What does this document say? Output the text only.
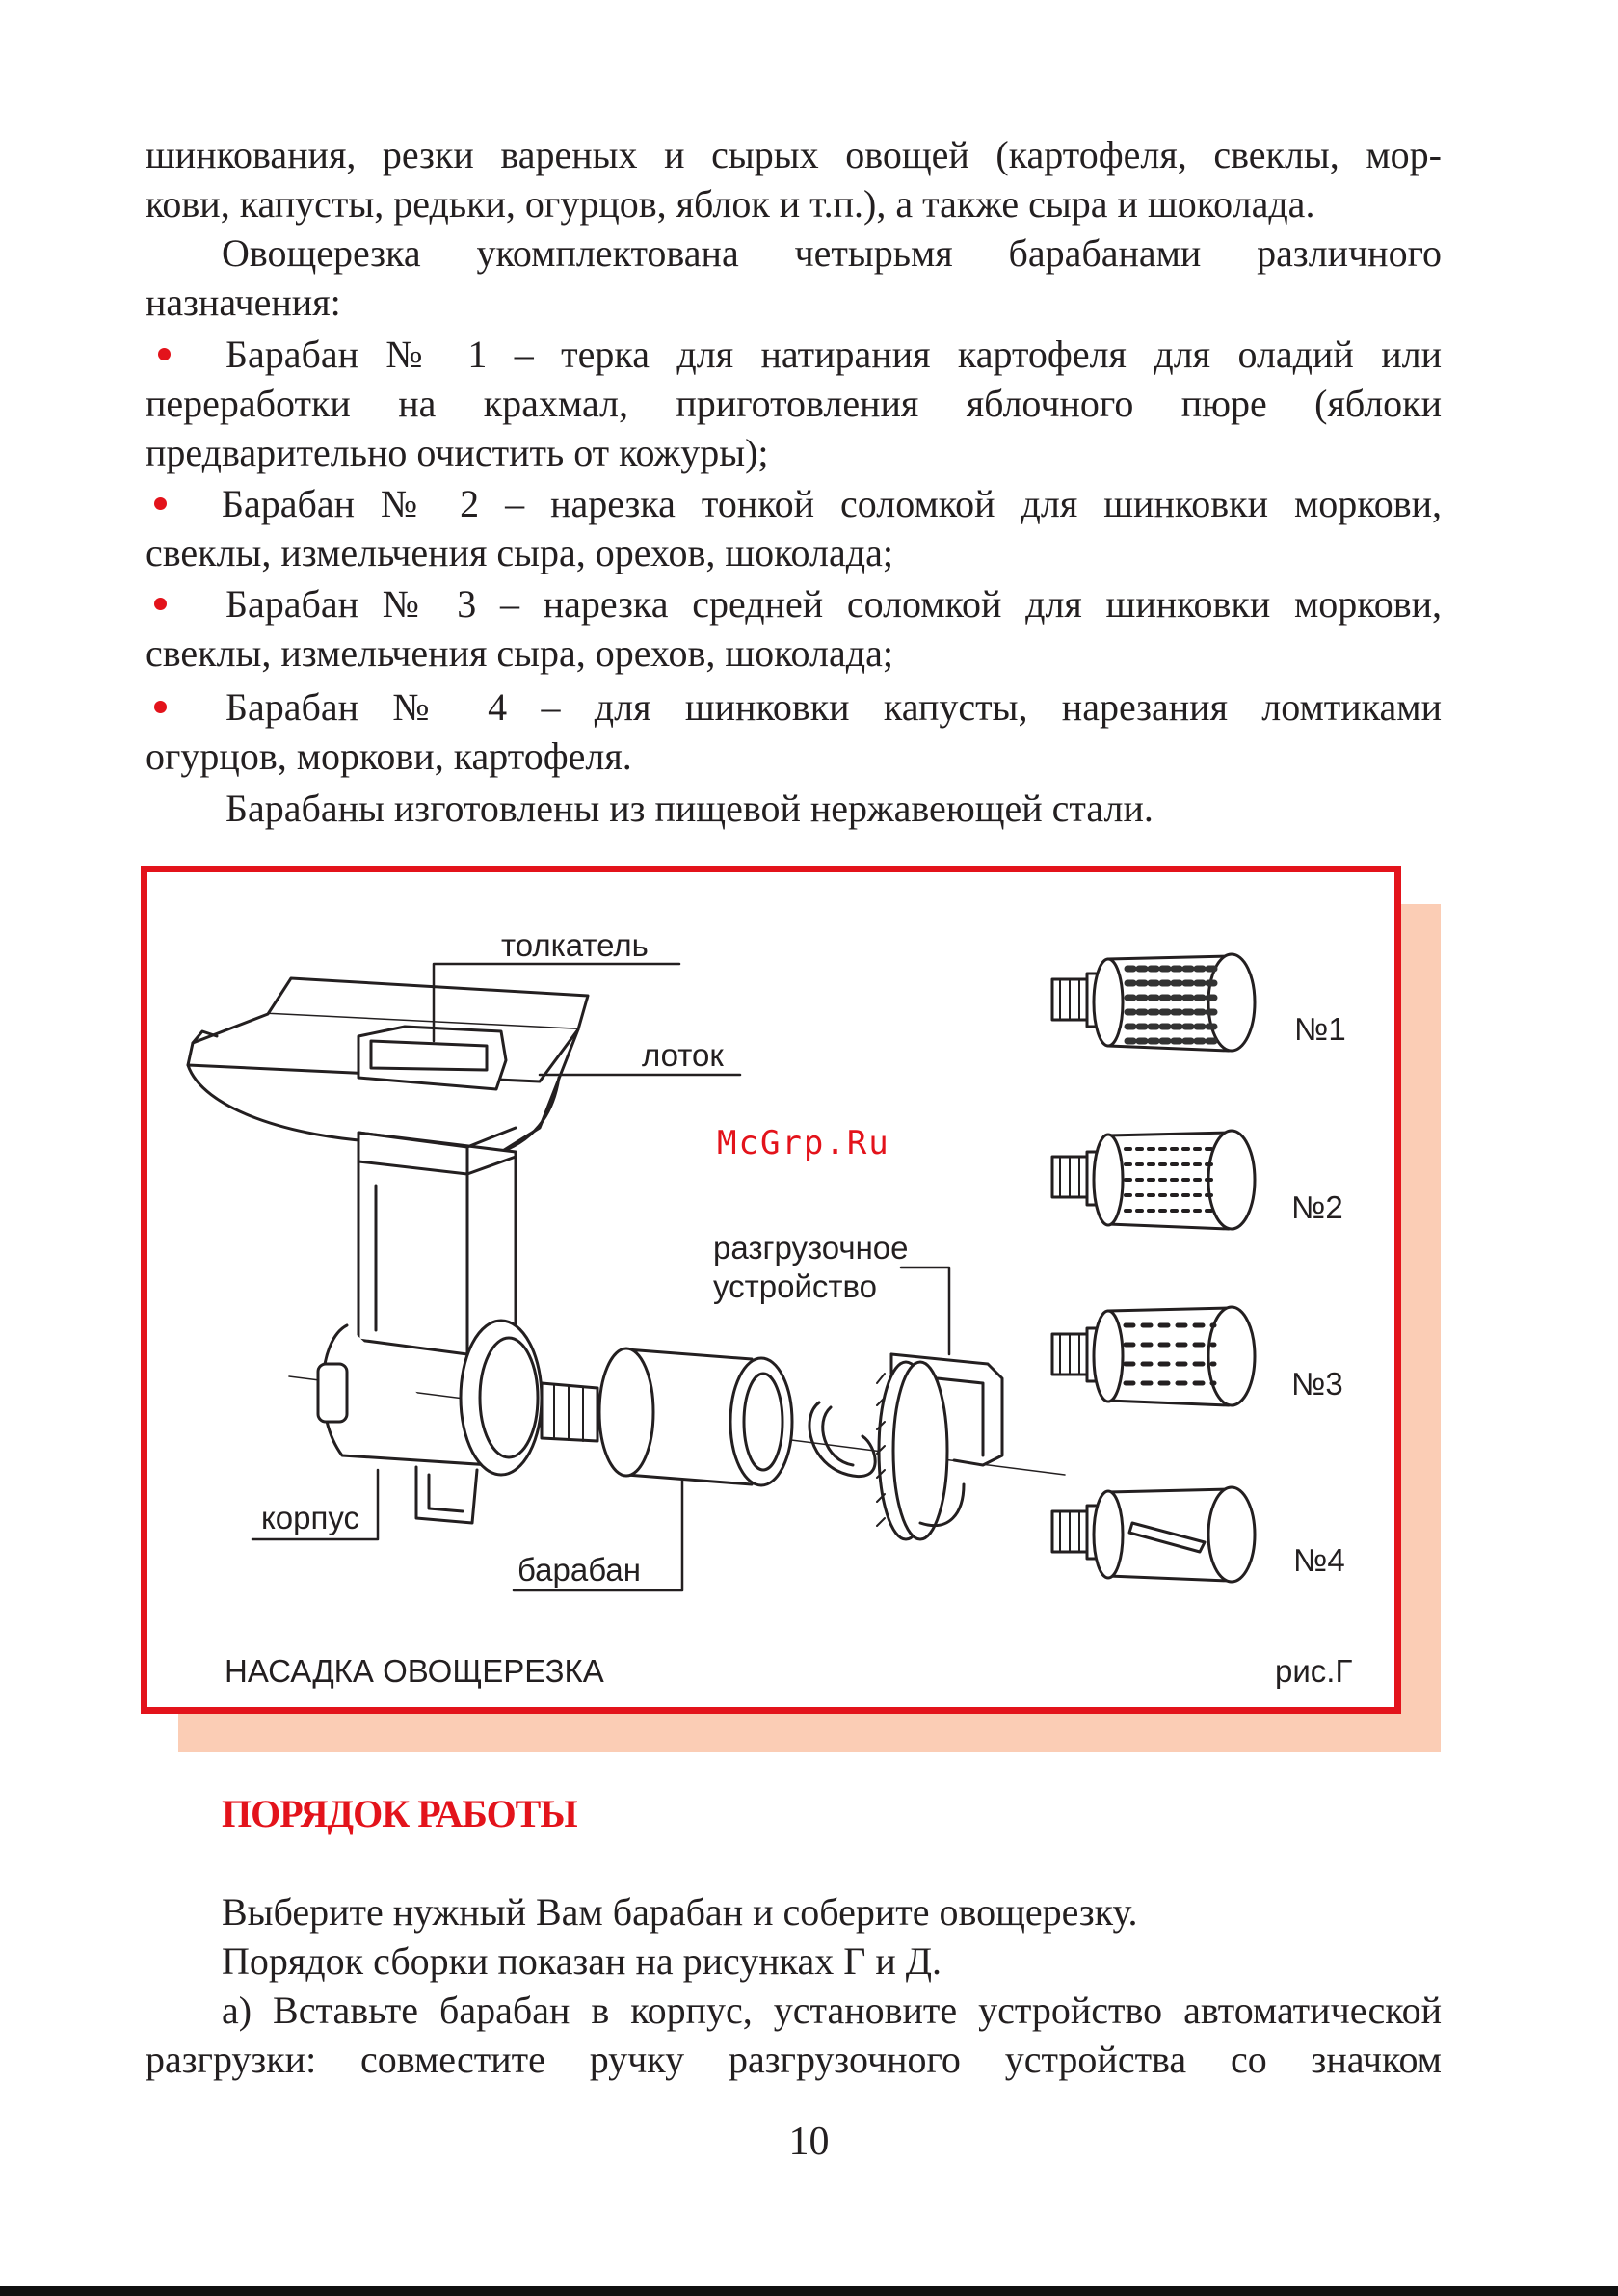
шинкования, резки вареных и сырых овощей (картофеля, свеклы, мор-
кови, капусты, редьки, огурцов, яблок и т.п.), а также сыра и шоколада.
Овощерезка укомплектована четырьмя барабанами различного
назначения:
Барабан № 1 – терка для натирания картофеля для оладий или
переработки на крахмал, приготовления яблочного пюре (яблоки
предварительно очистить от кожуры);
Барабан № 2 – нарезка тонкой соломкой для шинковки моркови,
свеклы, измельчения сыра, орехов, шоколада;
Барабан № 3 – нарезка средней соломкой для шинковки моркови,
свеклы, измельчения сыра, орехов, шоколада;
Барабан № 4 – для шинковки капусты, нарезания ломтиками
огурцов, моркови, картофеля.
Барабаны изготовлены из пищевой нержавеющей стали.
толкатель
лоток
разгрузочное
устройство
корпус
барабан
№1
№2
№3
№4
НАСАДКА ОВОЩЕРЕЗКА	рис.Г
McGrp.Ru
ПОРЯДОК РАБОТЫ
Выберите нужный Вам барабан и соберите овощерезку.
Порядок сборки показан на рисунках Г и Д.
а) Вставьте барабан в корпус, установите устройство автоматической
разгрузки: совместите ручку разгрузочного устройства со значком
10
